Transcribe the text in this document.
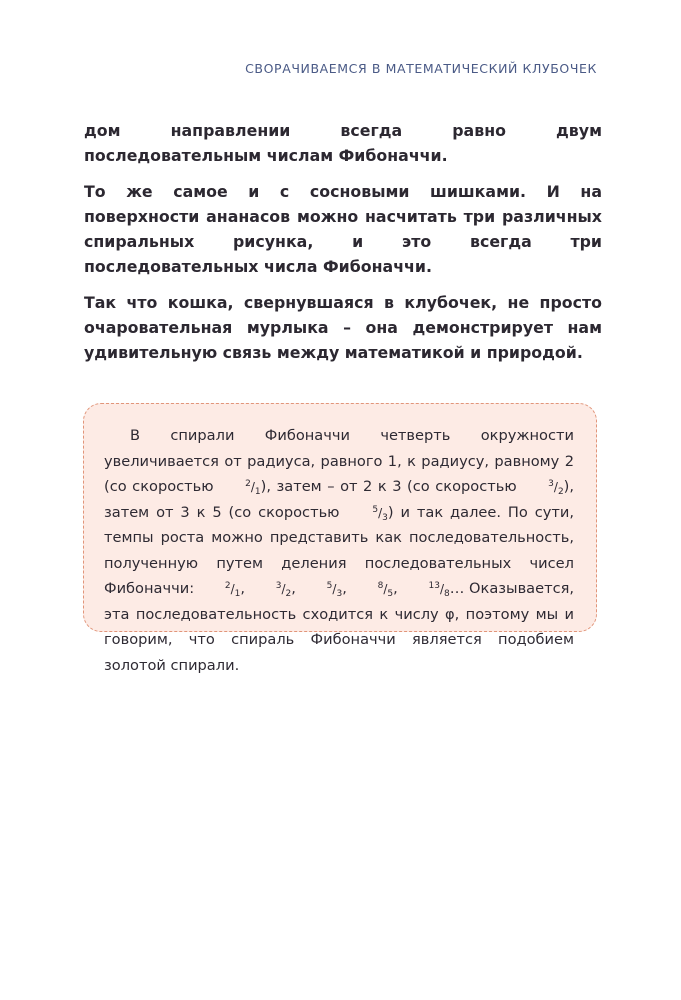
СВОРАЧИВАЕМСЯ В МАТЕМАТИЧЕСКИЙ КЛУБОЧЕК

дом направлении всегда равно двум последовательным числам Фибоначчи.

То же самое и с сосновыми шишками. И на поверхности ананасов можно насчитать три различных спиральных рисунка, и это всегда три последовательных числа Фибоначчи.

Так что кошка, свернувшаяся в клубочек, не просто очаровательная мурлыка – она демонстрирует нам удивительную связь между математикой и природой.

В спирали Фибоначчи четверть окружности увеличивается от радиуса, равного 1, к радиусу, равному 2 (со скоростью	2/1), затем – от 2 к 3 (со скоростью	3/2), затем от 3 к 5 (со скоростью	5/3) и так далее. По сути, темпы роста можно представить как последовательность, полученную путем деления последовательных чисел Фибоначчи:	2/1,	3/2,	5/3,	8/5,	13/8… Оказывается, эта последовательность сходится к числу φ, поэтому мы и говорим, что спираль Фибоначчи является подобием золотой спирали.
